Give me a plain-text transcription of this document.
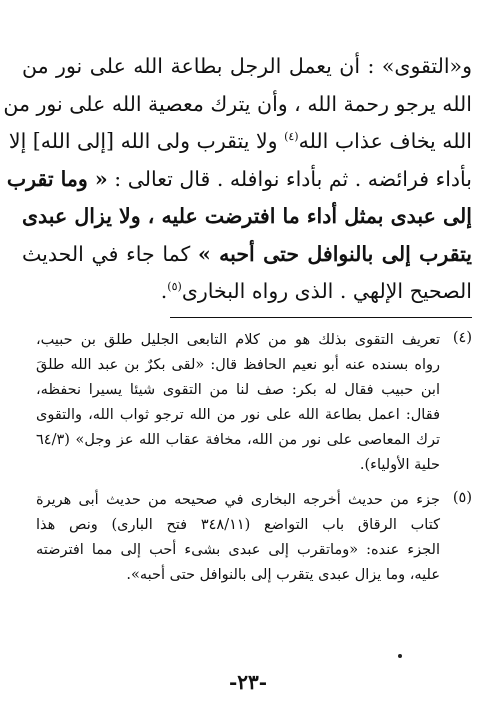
و«التقوى» : أن يعمل الرجل بطاعة الله على نور من

الله يرجو رحمة الله ، وأن يترك معصية الله على نور من

الله يخاف عذاب الله$^{(٤)}$ ولا يتقرب ولى الله [إلى الله] إلا

بأداء فرائضه . ثم بأداء نوافله . قال تعالى : « وما تقرب

إلى عبدى بمثل أداء ما افترضت عليه ، ولا يزال عبدى

يتقرب إلى بالنوافل حتى أحبه » كما جاء في الحديث

الصحيح الإلهي . الذى رواه البخارى$^{(٥)}$.

(٤)
تعريف التقوى بذلك هو من كلام التابعى الجليل طلق بن حبيب،
رواه بسنده عنه أبو نعيم الحافظ قال: «لقى بكرٌ بن عبد الله طلقَ
ابن حبيب فقال له بكر: صف لنا من التقوى شيئا يسيرا نحفظه،
فقال: اعمل بطاعة الله على نور من الله ترجو ثواب الله، والتقوى
ترك المعاصى على نور من الله، مخافة عقاب الله عز وجل» (٦٤/٣
حلية الأولياء).
(٥)
جزء من حديث أخرجه البخارى في صحيحه من حديث أبى هريرة
كتاب الرقاق باب التواضع (٣٤٨/١١ فتح البارى) ونص هذا
الجزء عنده: «وماتقرب إلى عبدى بشىء أحب إلى مما افترضته
عليه، وما يزال عبدى يتقرب إلى بالنوافل حتى أحبه».
-٢٣-
